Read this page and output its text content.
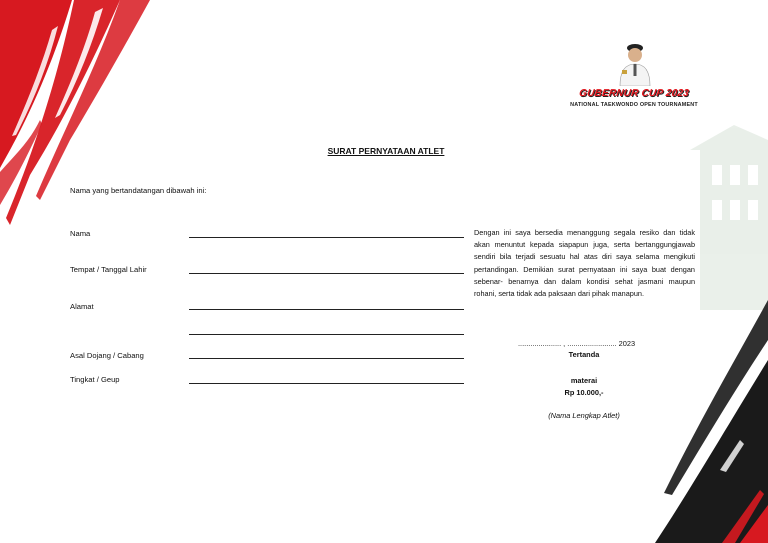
GUBERNUR CUP 2023
NATIONAL TAEKWONDO OPEN TOURNAMENT
SURAT PERNYATAAN ATLET
Nama yang bertandatangan dibawah ini:
Nama
Tempat / Tanggal Lahir
Alamat
Asal Dojang / Cabang
Tingkat / Geup
Dengan ini saya bersedia menanggung segala resiko dan tidak akan menuntut kepada siapapun juga, serta bertanggungjawab sendiri bila terjadi sesuatu hal atas diri saya selama mengikuti pertandingan. Demikian surat pernyataan ini saya buat dengan sebenar- benarnya dan dalam kondisi sehat jasmani maupun rohani, serta tidak ada paksaan dari pihak manapun.
..................... , ........................ 2023
Tertanda
materai
Rp 10.000,-
(Nama Lengkap Atlet)
